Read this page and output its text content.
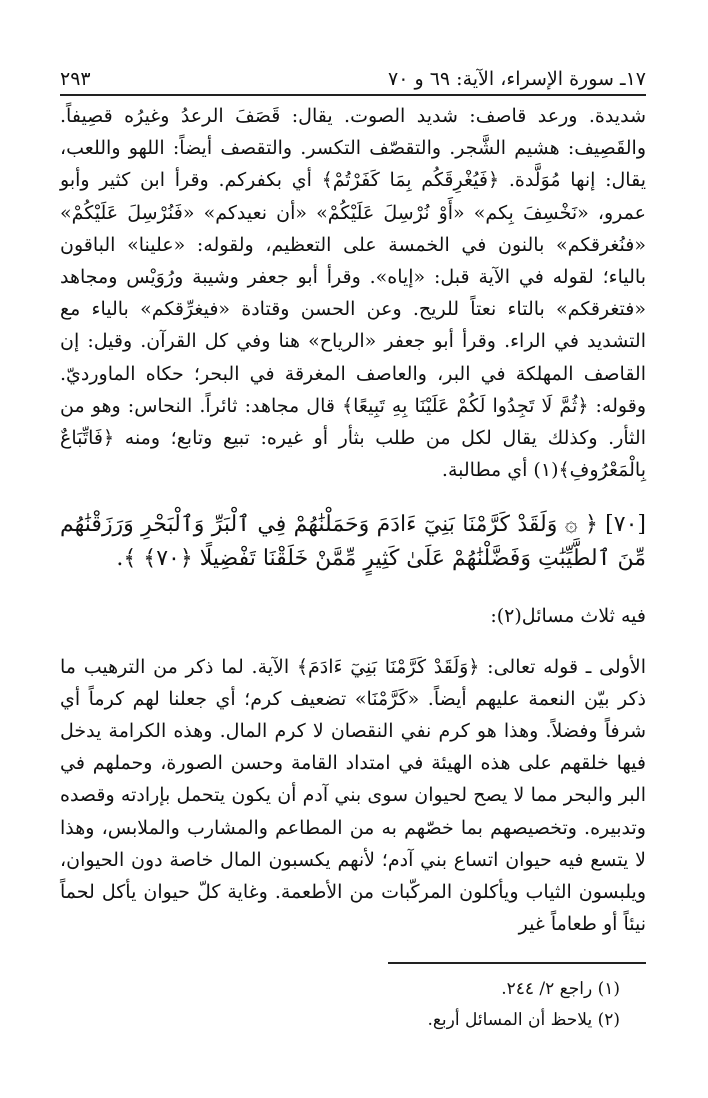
٢٩٣	١٧ـ سورة الإسراء، الآية: ٦٩ و ٧٠

شديدة. ورعد قاصف: شديد الصوت. يقال: قَصَفَ الرعدُ وغيرُه قصِيفاً. والقَصِيف: هشيم الشَّجر. والتقصّف التكسر. والتقصف أيضاً: اللهو واللعب، يقال: إنها مُوَلَّدة. ﴿فَيُغْرِقَكُم بِمَا كَفَرْتُمْ﴾ أي بكفركم. وقرأ ابن كثير وأبو عمرو، «نَخْسِفَ بِكم» «أَوْ نُرْسِلَ عَلَيْكُمْ» «أن نعيدكم» «فَنُرْسِلَ عَلَيْكُمْ» «فنُغرقكم» بالنون في الخمسة على التعظيم، ولقوله: «علينا» الباقون بالياء؛ لقوله في الآية قبل: «إياه». وقرأ أبو جعفر وشيبة ورُوَيْس ومجاهد «فتغرقكم» بالتاء نعتاً للريح. وعن الحسن وقتادة «فيغرِّقكم» بالياء مع التشديد في الراء. وقرأ أبو جعفر «الرياح» هنا وفي كل القرآن. وقيل: إن القاصف المهلكة في البر، والعاصف المغرقة في البحر؛ حكاه الماورديّ. وقوله: ﴿ثُمَّ لَا تَجِدُوا لَكُمْ عَلَيْنَا بِهِ تَبِيعًا﴾ قال مجاهد: ثائراً. النحاس: وهو من الثأر. وكذلك يقال لكل من طلب بثأر أو غيره: تبيع وتابع؛ ومنه ﴿فَاتِّبَاعٌ بِالْمَعْرُوفِ﴾(١) أي مطالبة.

[٧٠] ﴿ ۞ وَلَقَدْ كَرَّمْنَا بَنِيٓ ءَادَمَ وَحَمَلْنَٰهُمْ فِي ٱلْبَرِّ وَٱلْبَحْرِ وَرَزَقْنَٰهُم مِّنَ ٱلطَّيِّبَٰتِ وَفَضَّلْنَٰهُمْ عَلَىٰ كَثِيرٍ مِّمَّنْ خَلَقْنَا تَفْضِيلًا ﴿٧٠﴾ ﴾.

فيه ثلاث مسائل(٢):

الأولى ـ قوله تعالى: ﴿وَلَقَدْ كَرَّمْنَا بَنِيٓ ءَادَمَ﴾ الآية. لما ذكر من الترهيب ما ذكر بيّن النعمة عليهم أيضاً. «كَرَّمْنَا» تضعيف كرم؛ أي جعلنا لهم كرماً أي شرفاً وفضلاً. وهذا هو كرم نفي النقصان لا كرم المال. وهذه الكرامة يدخل فيها خلقهم على هذه الهيئة في امتداد القامة وحسن الصورة، وحملهم في البر والبحر مما لا يصح لحيوان سوى بني آدم أن يكون يتحمل بإرادته وقصده وتدبيره. وتخصيصهم بما خصّهم به من المطاعم والمشارب والملابس، وهذا لا يتسع فيه حيوان اتساع بني آدم؛ لأنهم يكسبون المال خاصة دون الحيوان، ويلبسون الثياب ويأكلون المركّبات من الأطعمة. وغاية كلّ حيوان يأكل لحماً نيئاً أو طعاماً غير

(١) راجع ٢/ ٢٤٤.

(٢) يلاحظ أن المسائل أربع.
